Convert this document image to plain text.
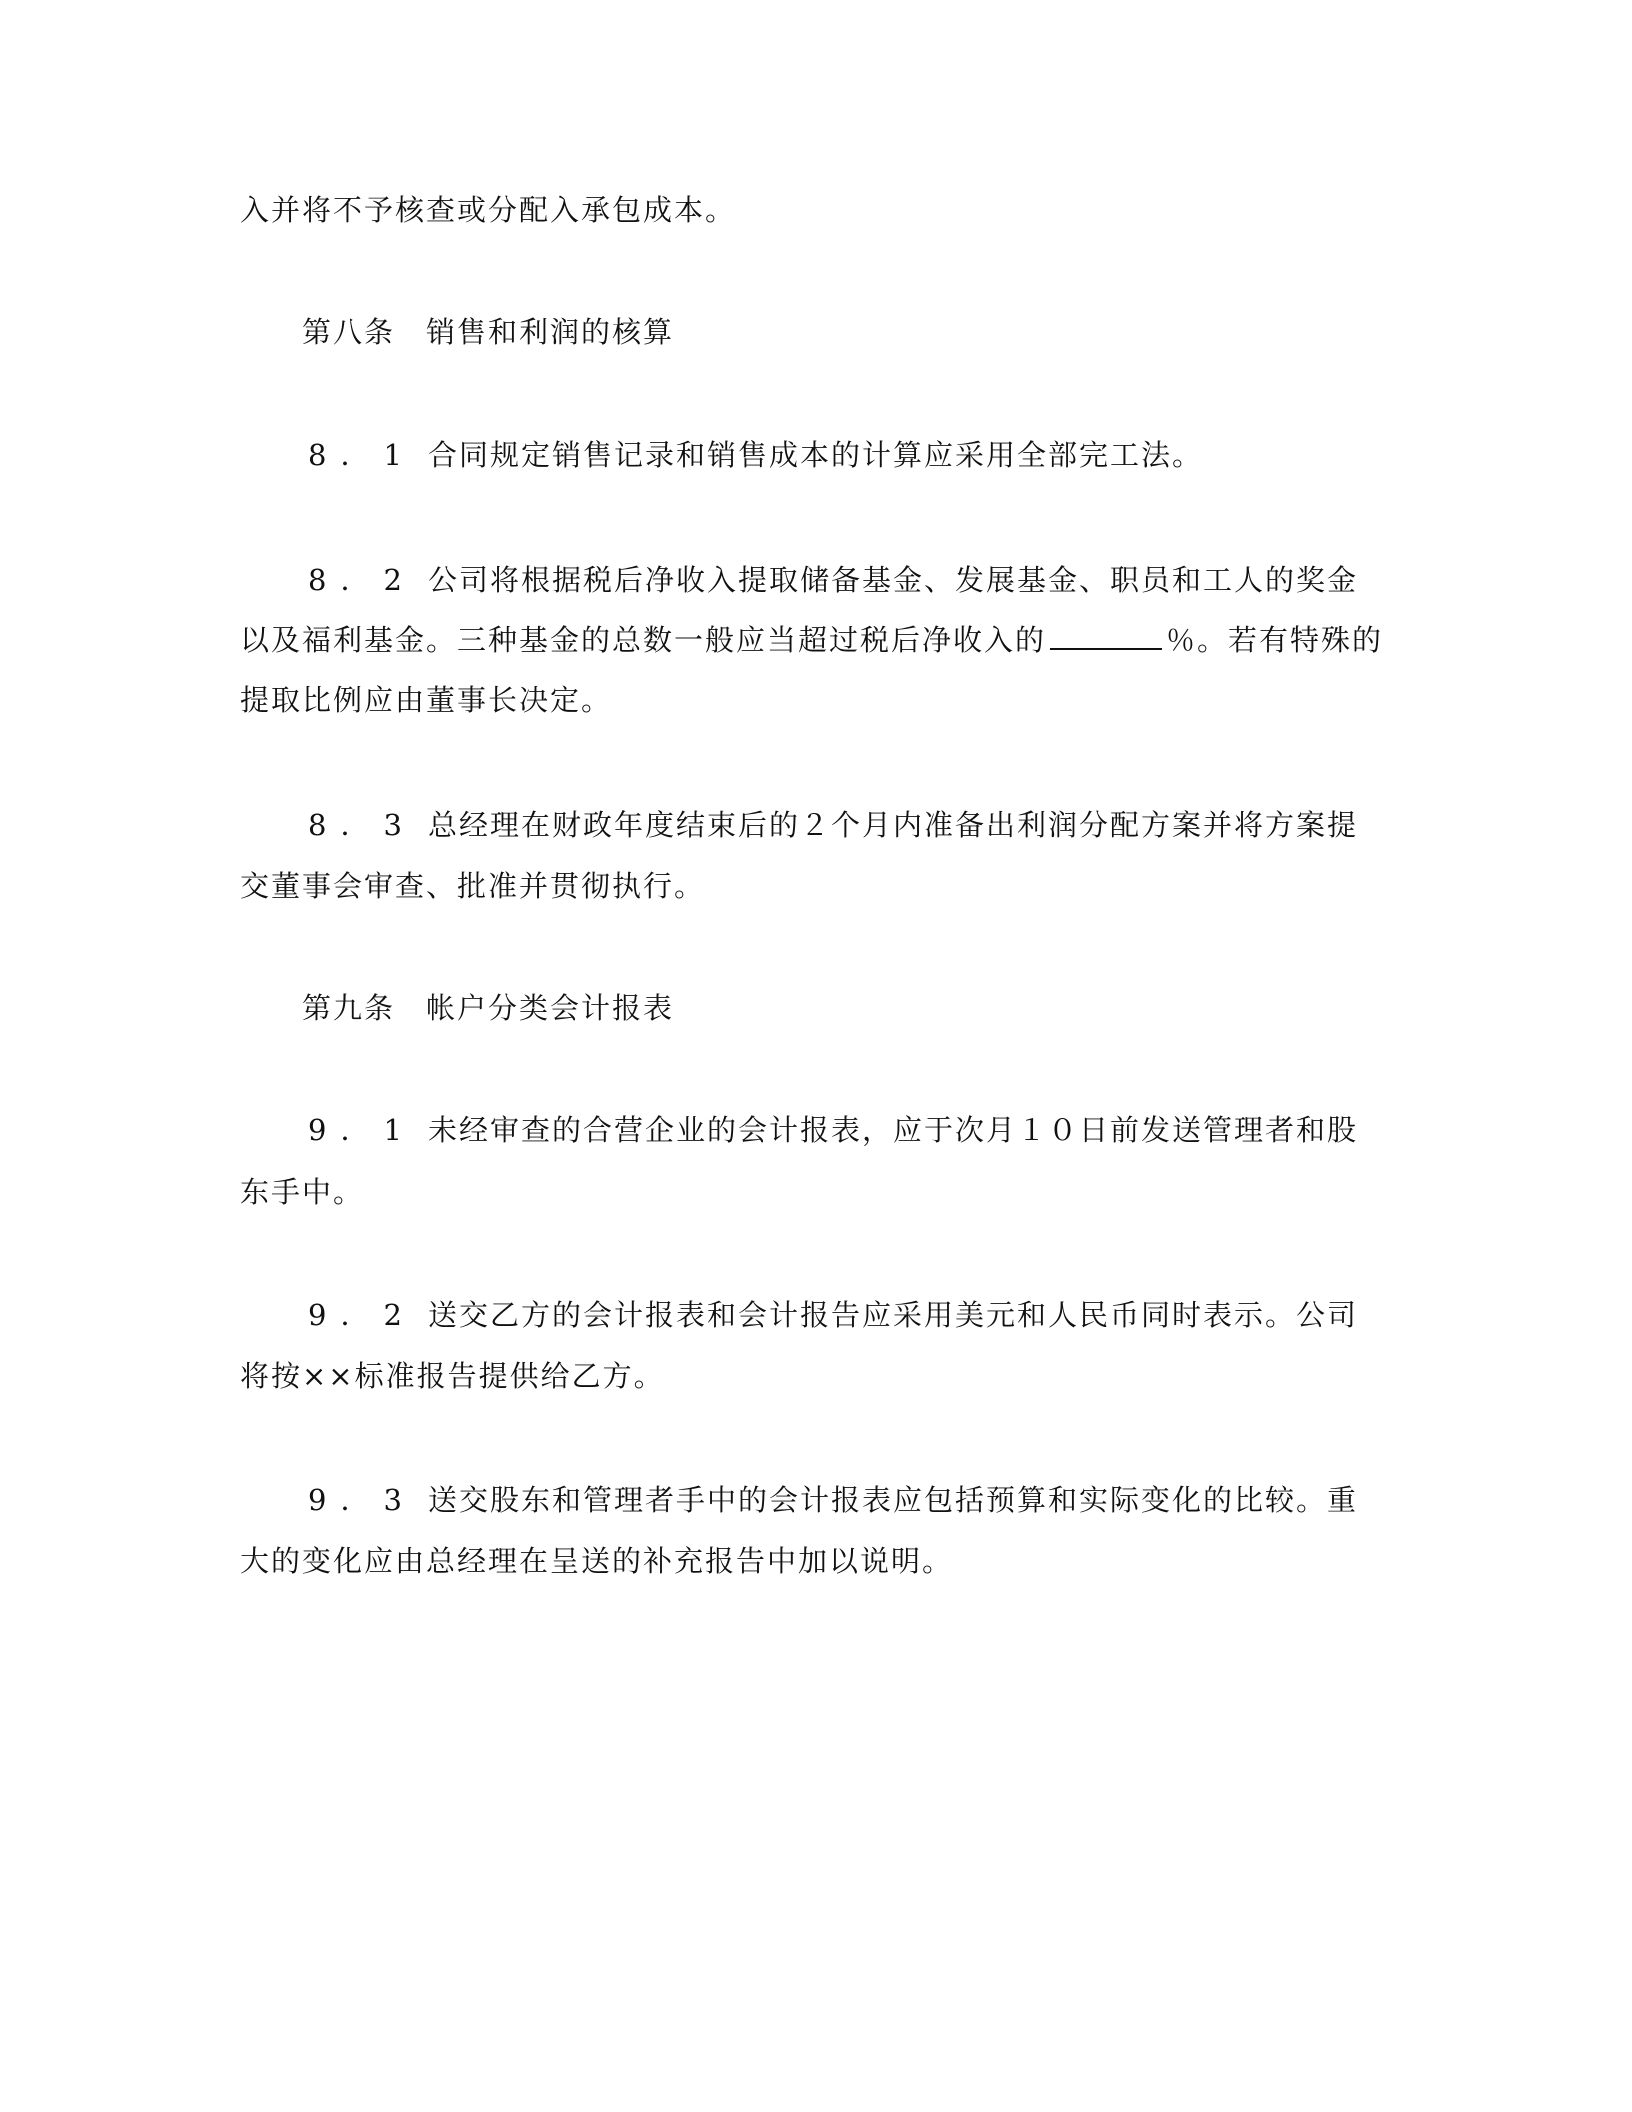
入并将不予核查或分配入承包成本。
第八条　销售和利润的核算
8．1 合同规定销售记录和销售成本的计算应采用全部完工法。
8．2 公司将根据税后净收入提取储备基金、发展基金、职员和工人的奖金
以及福利基金。三种基金的总数一般应当超过税后净收入的	％。若有特殊的
提取比例应由董事长决定。
8．3 总经理在财政年度结束后的２个月内准备出利润分配方案并将方案提
交董事会审查、批准并贯彻执行。
第九条　帐户分类会计报表
9．1 未经审查的合营企业的会计报表，应于次月１０日前发送管理者和股
东手中。
9．2 送交乙方的会计报表和会计报告应采用美元和人民币同时表示。公司
将按××标准报告提供给乙方。
9．3 送交股东和管理者手中的会计报表应包括预算和实际变化的比较。重
大的变化应由总经理在呈送的补充报告中加以说明。
